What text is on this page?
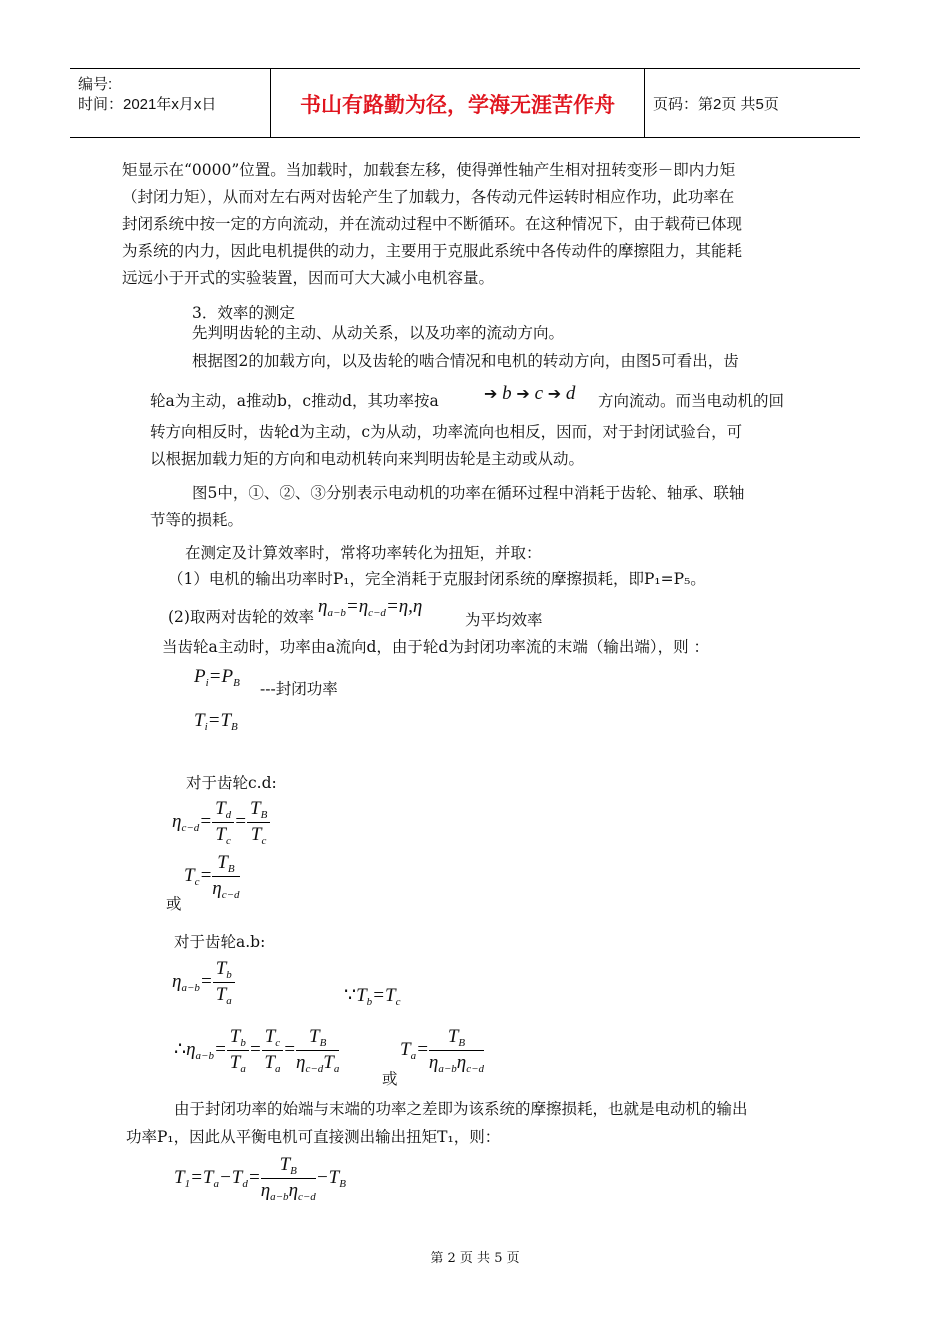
编号:
时间：2021年x月x日	书山有路勤为径，学海无涯苦作舟	页码：第2页 共5页

矩显示在“0000”位置。当加载时，加载套左移，使得弹性轴产生相对扭转变形－即内力矩

（封闭力矩），从而对左右两对齿轮产生了加载力，各传动元件运转时相应作功，此功率在

封闭系统中按一定的方向流动，并在流动过程中不断循环。在这种情况下，由于载荷已体现

为系统的内力，因此电机提供的动力，主要用于克服此系统中各传动件的摩擦阻力，其能耗

远远小于开式的实验装置，因而可大大减小电机容量。

3．效率的测定

先判明齿轮的主动、从动关系，以及功率的流动方向。

根据图2的加载方向，以及齿轮的啮合情况和电机的转动方向，由图5可看出，齿

轮a为主动，a推动b，c推动d，其功率按a	➔ b ➔ c ➔ d 方向流动。而当电动机的回

转方向相反时，齿轮d为主动，c为从动，功率流向也相反，因而，对于封闭试验台，可

以根据加载力矩的方向和电动机转向来判明齿轮是主动或从动。

图5中，①、②、③分别表示电动机的功率在循环过程中消耗于齿轮、轴承、联轴

节等的损耗。

在测定及计算效率时，常将功率转化为扭矩，并取：

（1）电机的输出功率时P₁，完全消耗于克服封闭系统的摩擦损耗，即P₁=P₅。

(2)取两对齿轮的效率 $\eta_{a-b}=\eta_{c-d}=\eta,\eta$

为平均效率

当齿轮a主动时，功率由a流向d，由于轮d为封闭功率流的末端（输出端），则 ：

$P_i=P_B$ ---封闭功率

$T_i=T_B$

对于齿轮c.d:

$\eta_{c-d}= \frac{T_d}{T_c} = \frac{T_B}{T_c}$
$T_c= \frac{T_B}{\eta_{c-d}}$

或

对于齿轮a.b:

$\eta_{a-b}= \frac{T_b}{T_a}$	$\because T_b=T_c$
$\therefore\eta_{a-b}= \frac{T_b}{T_a} = \frac{T_c}{T_a} = \frac{T_B}{\eta_{c-d}T_a}$

或

$T_a= \frac{T_B}{\eta_{a-b}\eta_{c-d}}$

由于封闭功率的始端与末端的功率之差即为该系统的摩擦损耗，也就是电动机的输出

功率P₁，因此从平衡电机可直接测出输出扭矩T₁，则：

$T_1=T_a-T_d= \frac{T_B}{\eta_{a-b}\eta_{c-d}} -T_B$
第 2 页 共 5 页
